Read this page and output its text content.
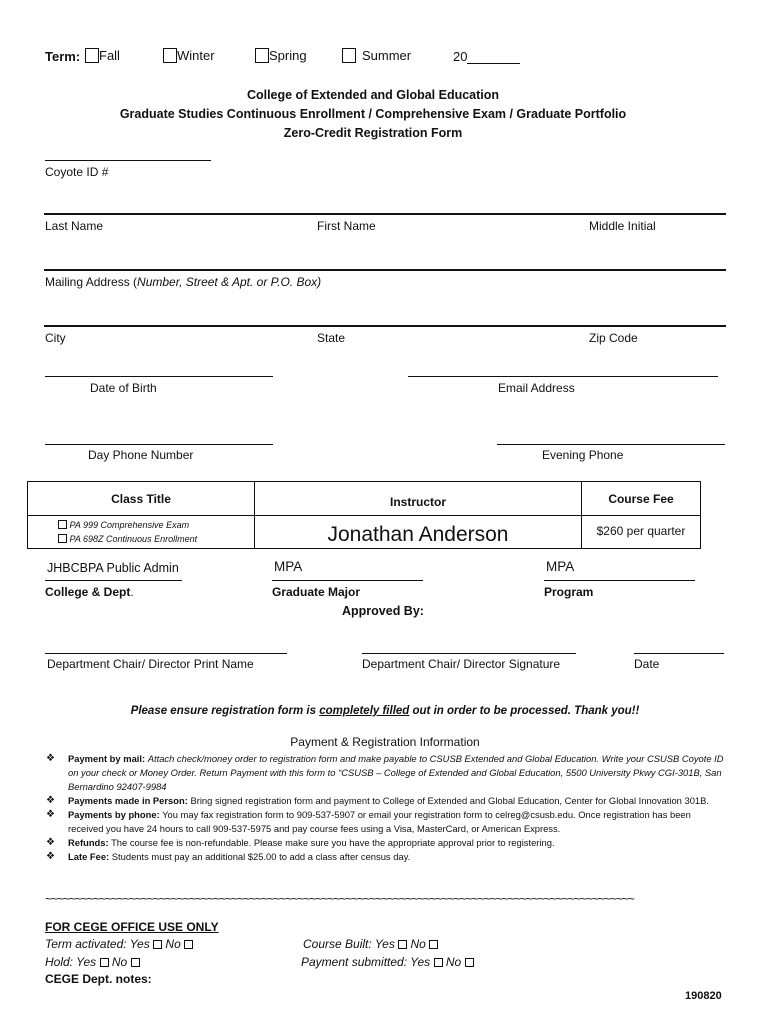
Term:	Fall	Winter	Spring	Summer	20
College of Extended and Global Education
Graduate Studies Continuous Enrollment / Comprehensive Exam / Graduate Portfolio
Zero-Credit Registration Form
Coyote ID #
Last Name	First Name	Middle Initial
Mailing Address (Number, Street & Apt. or P.O. Box)
City	State	Zip Code
Date of Birth	Email Address
Day Phone Number	Evening Phone
Class Title	Instructor	Course Fee

PA 999 Comprehensive Exam
PA 698Z Continuous Enrollment	Jonathan Anderson	$260 per quarter
JHBCBPA Public Admin	MPA	MPA
College & Dept.	Graduate Major	Program
Approved By:
Department Chair/ Director Print Name	Department Chair/ Director Signature	Date
Please ensure registration form is completely filled out in order to be processed. Thank you!!
Payment & Registration Information
❖ Payment by mail: Attach check/money order to registration form and make payable to CSUSB Extended and Global Education. Write your CSUSB Coyote ID on your check or Money Order. Return Payment with this form to “CSUSB – College of Extended and Global Education, 5500 University Pkwy CGI-301B, San Bernardino 92407-9984
❖ Payments made in Person: Bring signed registration form and payment to College of Extended and Global Education, Center for Global Innovation 301B.
❖ Payments by phone: You may fax registration form to 909-537-5907 or email your registration form to celreg@csusb.edu. Once registration has been received you have 24 hours to call 909-537-5975 and pay course fees using a Visa, MasterCard, or American Express.
❖ Refunds: The course fee is non-refundable. Please make sure you have the appropriate approval prior to registering.
❖ Late Fee: Students must pay an additional $25.00 to add a class after census day.
~~~~~~~~~~~~~~~~~~~~~~~~~~~~~~~~~~~~~~~~~~~~~~~~~~~~~~~~~~~~~~~~~~~~~~~~~~~~~~~~~~~~~~~~~~~~~~~~~~
FOR CEGE OFFICE USE ONLY
Term activated: Yes No	Course Built: Yes No
Hold: Yes No	Payment submitted: Yes No
CEGE Dept. notes:
190820
